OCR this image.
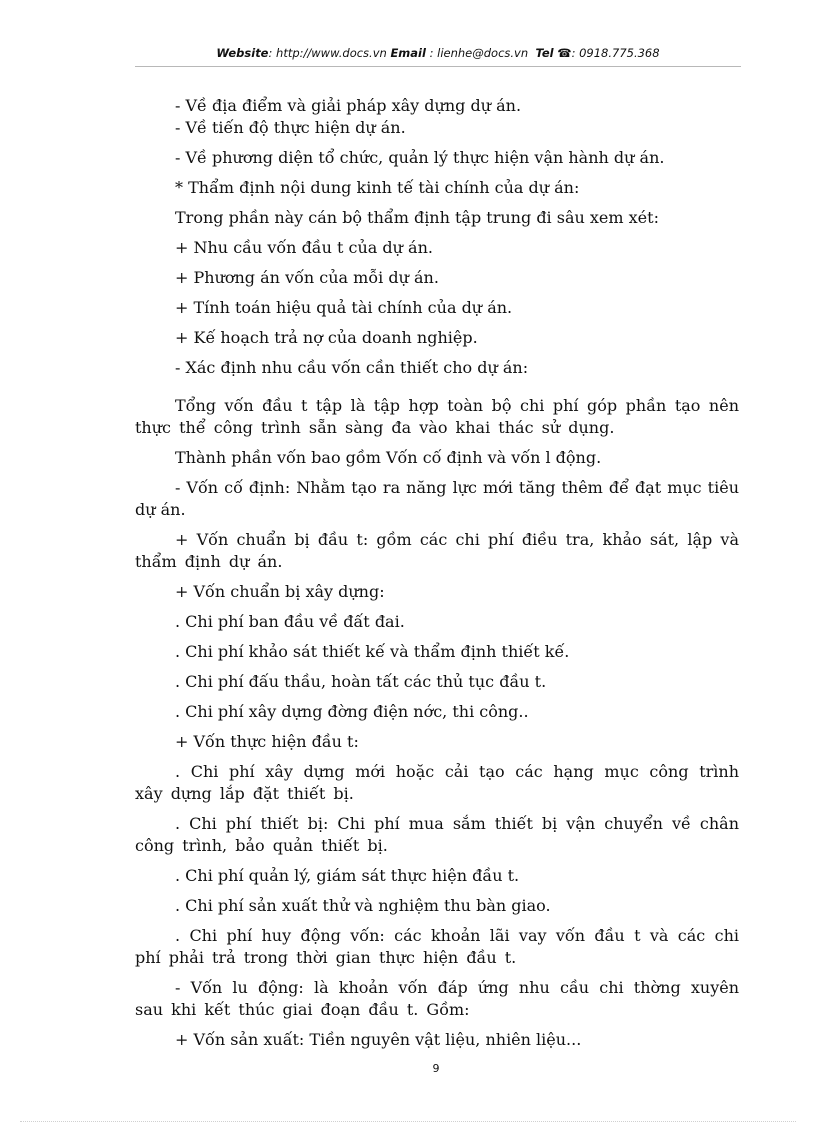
Website: http://www.docs.vn Email : lienhe@docs.vn Tel ☎: 0918.775.368

- Về địa điểm và giải pháp xây dựng dự án.

- Về tiến độ thực hiện dự án.

- Về phương diện tổ chức, quản lý thực hiện vận hành dự án.

* Thẩm định nội dung kinh tế tài chính của dự án:

Trong phần này cán bộ thẩm định tập trung đi sâu xem xét:

+ Nhu cầu vốn đầu t của dự án.

+ Phương án vốn của mỗi dự án.

+ Tính toán hiệu quả tài chính của dự án.

+ Kế hoạch trả nợ của doanh nghiệp.

- Xác định nhu cầu vốn cần thiết cho dự án:

Tổng vốn đầu t tập là tập hợp toàn bộ chi phí góp phần tạo nên thực thể công trình sẵn sàng đa vào khai thác sử dụng.

Thành phần vốn bao gồm Vốn cố định và vốn l động.

- Vốn cố định: Nhằm tạo ra năng lực mới tăng thêm để đạt mục tiêu dự án.

+ Vốn chuẩn bị đầu t: gồm các chi phí điều tra, khảo sát, lập và thẩm định dự án.

+ Vốn chuẩn bị xây dựng:

. Chi phí ban đầu về đất đai.

. Chi phí khảo sát thiết kế và thẩm định thiết kế.

. Chi phí đấu thầu, hoàn tất các thủ tục đầu t.

. Chi phí xây dựng đờng điện nớc, thi công..

+ Vốn thực hiện đầu t:

. Chi phí xây dựng mới hoặc cải tạo các hạng mục công trình xây dựng lắp đặt thiết bị.

. Chi phí thiết bị: Chi phí mua sắm thiết bị vận chuyển về chân công trình, bảo quản thiết bị.

. Chi phí quản lý, giám sát thực hiện đầu t.

. Chi phí sản xuất thử và nghiệm thu bàn giao.

. Chi phí huy động vốn: các khoản lãi vay vốn đầu t và các chi phí phải trả trong thời gian thực hiện đầu t.

- Vốn lu động: là khoản vốn đáp ứng nhu cầu chi thờng xuyên sau khi kết thúc giai đoạn đầu t. Gồm:

+ Vốn sản xuất: Tiền nguyên vật liệu, nhiên liệu...

9
